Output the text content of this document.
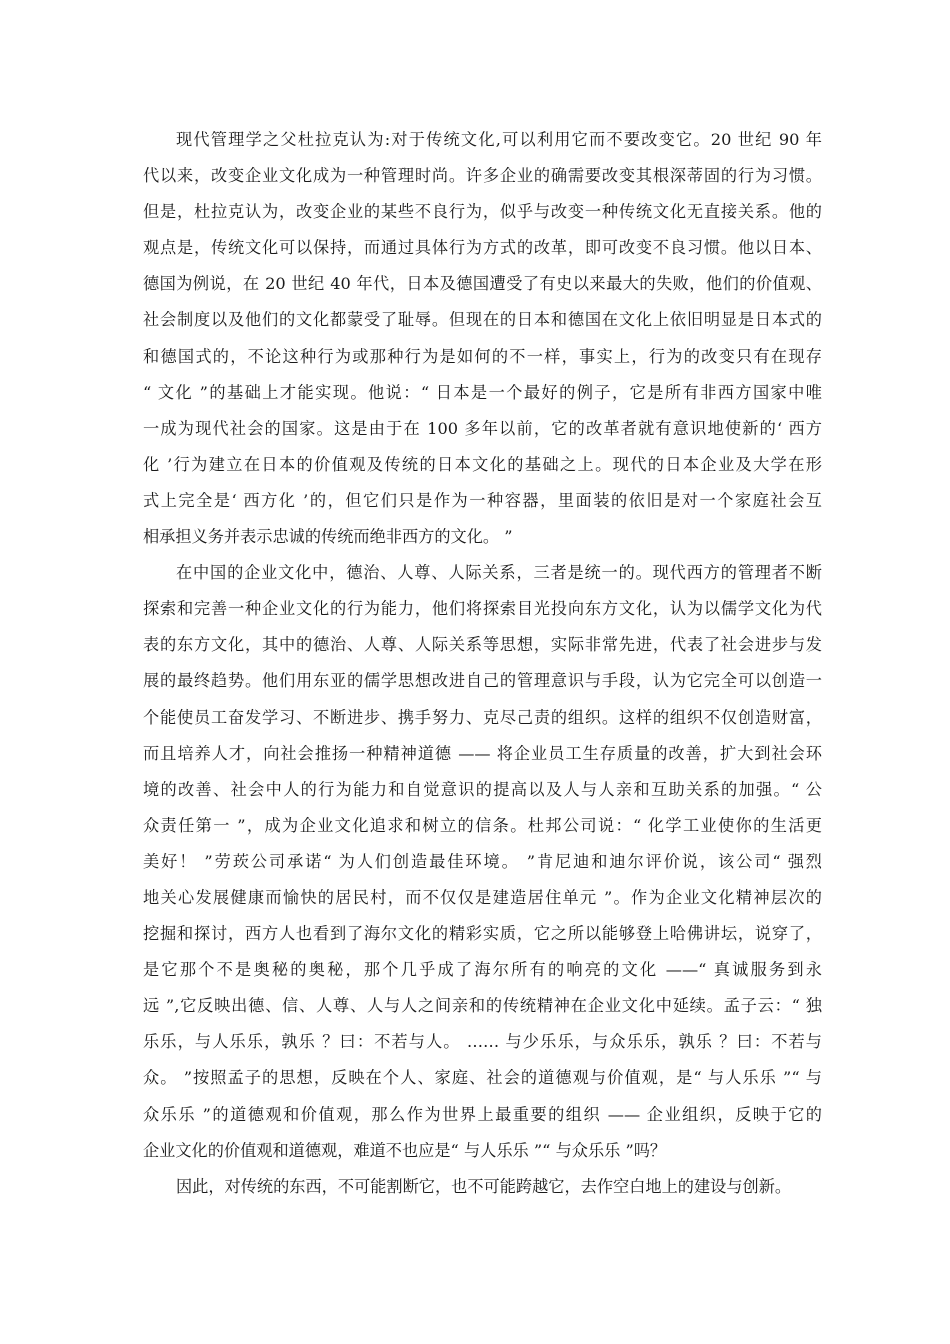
现代管理学之父杜拉克认为:对于传统文化,可以利用它而不要改变它。20 世纪 90 年
代以来，改变企业文化成为一种管理时尚。许多企业的确需要改变其根深蒂固的行为习惯。
但是，杜拉克认为，改变企业的某些不良行为，似乎与改变一种传统文化无直接关系。他的
观点是，传统文化可以保持，而通过具体行为方式的改革，即可改变不良习惯。他以日本、
德国为例说，在 20 世纪 40 年代，日本及德国遭受了有史以来最大的失败，他们的价值观、
社会制度以及他们的文化都蒙受了耻辱。但现在的日本和德国在文化上依旧明显是日本式的
和德国式的，不论这种行为或那种行为是如何的不一样，事实上，行为的改变只有在现存
“ 文化 ”的基础上才能实现。他说：“ 日本是一个最好的例子，它是所有非西方国家中唯
一成为现代社会的国家。这是由于在 100 多年以前，它的改革者就有意识地使新的‘ 西方
化 ’行为建立在日本的价值观及传统的日本文化的基础之上。现代的日本企业及大学在形
式上完全是‘ 西方化 ’的，但它们只是作为一种容器，里面装的依旧是对一个家庭社会互
相承担义务并表示忠诚的传统而绝非西方的文化。 ”
在中国的企业文化中，德治、人尊、人际关系，三者是统一的。现代西方的管理者不断
探索和完善一种企业文化的行为能力，他们将探索目光投向东方文化，认为以儒学文化为代
表的东方文化，其中的德治、人尊、人际关系等思想，实际非常先进，代表了社会进步与发
展的最终趋势。他们用东亚的儒学思想改进自己的管理意识与手段，认为它完全可以创造一
个能使员工奋发学习、不断进步、携手努力、克尽己责的组织。这样的组织不仅创造财富，
而且培养人才，向社会推扬一种精神道德 —— 将企业员工生存质量的改善，扩大到社会环
境的改善、社会中人的行为能力和自觉意识的提高以及人与人亲和互助关系的加强。“ 公
众责任第一 ”，成为企业文化追求和树立的信条。杜邦公司说：“ 化学工业使你的生活更
美好！ ”劳莰公司承诺“ 为人们创造最佳环境。 ”肯尼迪和迪尔评价说，该公司“ 强烈
地关心发展健康而愉快的居民村，而不仅仅是建造居住单元 ”。作为企业文化精神层次的
挖掘和探讨，西方人也看到了海尔文化的精彩实质，它之所以能够登上哈佛讲坛，说穿了，
是它那个不是奥秘的奥秘，那个几乎成了海尔所有的响亮的文化 ——“ 真诚服务到永
远 ”,它反映出德、信、人尊、人与人之间亲和的传统精神在企业文化中延续。孟子云：“ 独
乐乐，与人乐乐，孰乐 ？曰：不若与人。 …… 与少乐乐，与众乐乐，孰乐 ？曰：不若与
众。 ”按照孟子的思想，反映在个人、家庭、社会的道德观与价值观，是“ 与人乐乐 ”“ 与
众乐乐 ”的道德观和价值观，那么作为世界上最重要的组织 —— 企业组织，反映于它的
企业文化的价值观和道德观，难道不也应是“ 与人乐乐 ”“ 与众乐乐 ”吗？
因此，对传统的东西，不可能割断它，也不可能跨越它，去作空白地上的建设与创新。
